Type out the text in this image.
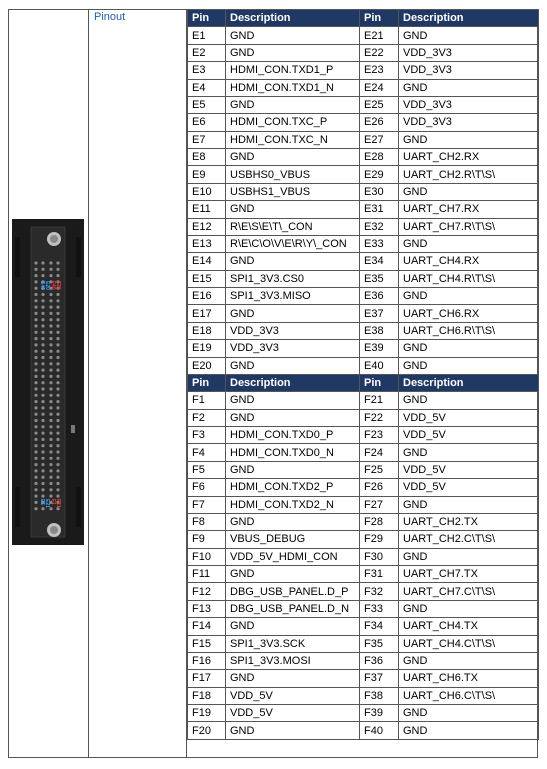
E40 E20 F40 F20
E1 E21 F1 F21
Pinout	Pin	Description	Pin	Description
E1	GND	E21	GND
E2	GND	E22	VDD_3V3
E3	HDMI_CON.TXD1_P	E23	VDD_3V3
E4	HDMI_CON.TXD1_N	E24	GND
E5	GND	E25	VDD_3V3
E6	HDMI_CON.TXC_P	E26	VDD_3V3
E7	HDMI_CON.TXC_N	E27	GND
E8	GND	E28	UART_CH2.RX
E9	USBHS0_VBUS	E29	UART_CH2.R\T\S\
E10	USBHS1_VBUS	E30	GND
E11	GND	E31	UART_CH7.RX
E12	R\E\S\E\T\_CON	E32	UART_CH7.R\T\S\
E13	R\E\C\O\V\E\R\Y\_CON	E33	GND
E14	GND	E34	UART_CH4.RX
E15	SPI1_3V3.CS0	E35	UART_CH4.R\T\S\
E16	SPI1_3V3.MISO	E36	GND
E17	GND	E37	UART_CH6.RX
E18	VDD_3V3	E38	UART_CH6.R\T\S\
E19	VDD_3V3	E39	GND
E20	GND	E40	GND
Pin	Description	Pin	Description
F1	GND	F21	GND
F2	GND	F22	VDD_5V
F3	HDMI_CON.TXD0_P	F23	VDD_5V
F4	HDMI_CON.TXD0_N	F24	GND
F5	GND	F25	VDD_5V
F6	HDMI_CON.TXD2_P	F26	VDD_5V
F7	HDMI_CON.TXD2_N	F27	GND
F8	GND	F28	UART_CH2.TX
F9	VBUS_DEBUG	F29	UART_CH2.C\T\S\
F10	VDD_5V_HDMI_CON	F30	GND
F11	GND	F31	UART_CH7.TX
F12	DBG_USB_PANEL.D_P	F32	UART_CH7.C\T\S\
F13	DBG_USB_PANEL.D_N	F33	GND
F14	GND	F34	UART_CH4.TX
F15	SPI1_3V3.SCK	F35	UART_CH4.C\T\S\
F16	SPI1_3V3.MOSI	F36	GND
F17	GND	F37	UART_CH6.TX
F18	VDD_5V	F38	UART_CH6.C\T\S\
F19	VDD_5V	F39	GND
F20	GND	F40	GND
